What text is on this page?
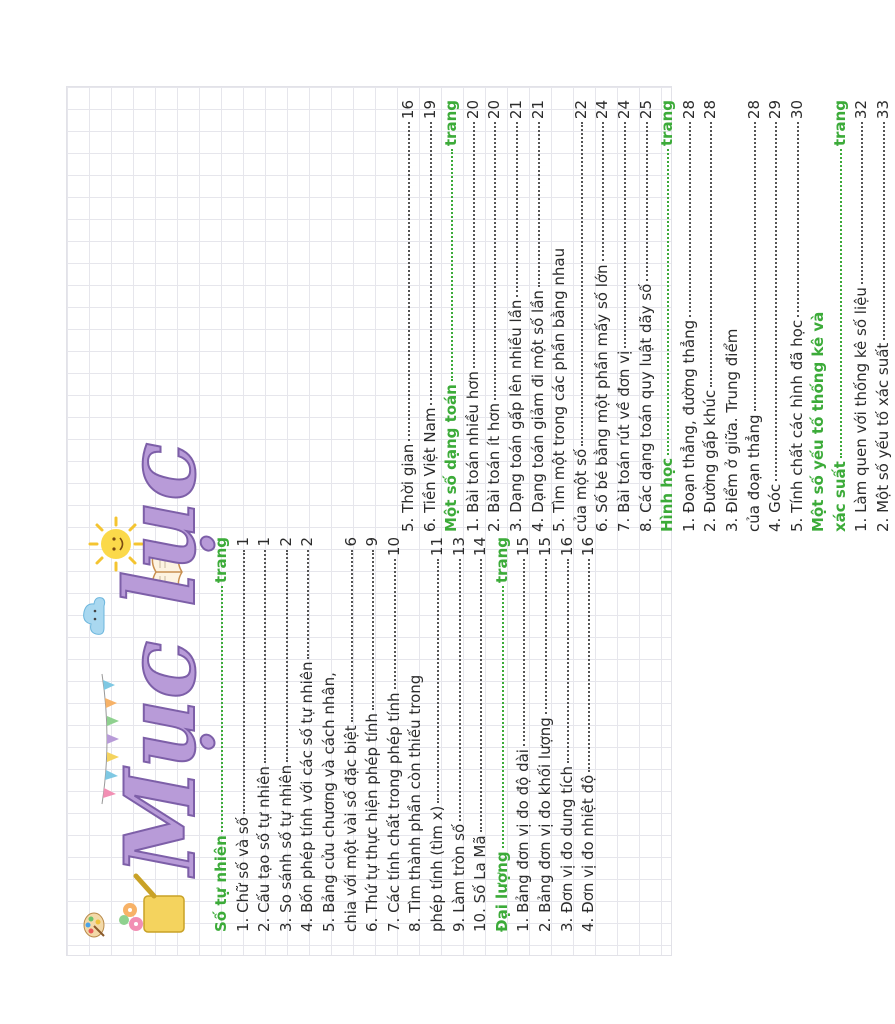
Mục lục
Số tự nhiên
trang
1. Chữ số và số
1
2. Cấu tạo số tự nhiên
1
3. So sánh số tự nhiên
2
4. Bốn phép tính với các số tự nhiên
2
5. Bảng cửu chương và cách nhân, chia với một vài số đặc biệt
6
6. Thứ tự thực hiện phép tính
9
7. Các tính chất trong phép tính
10
8. Tìm thành phần còn thiếu trong phép tính (tìm x)
11
9. Làm tròn số
13
10. Số La Mã
14
Đại lượng
trang
1. Bảng đơn vị đo độ dài
15
2. Bảng đơn vị đo khối lượng
15
3. Đơn vị đo dung tích
16
4. Đơn vị đo nhiệt độ
16
5. Thời gian
16
6. Tiền Việt Nam
19
Một số dạng toán
trang
1. Bài toán nhiều hơn
20
2. Bài toán ít hơn
20
3. Dạng toán gấp lên nhiều lần
21
4. Dạng toán giảm đi một số lần
21
5. Tìm một trong các phần bằng nhau của một số
22
6. Số bé bằng một phần mấy số lớn
24
7. Bài toán rút về đơn vị
24
8. Các dạng toán quy luật dãy số
25
Hình học
trang
1. Đoạn thẳng, đường thẳng
28
2. Đường gấp khúc
28
3. Điểm ở giữa. Trung điểm của đoạn thẳng
28
4. Góc
29
5. Tính chất các hình đã học
30
Một số yếu tố thống kê và xác suất
trang
1. Làm quen với thống kê số liệu
32
2. Một số yếu tố xác suất
33
